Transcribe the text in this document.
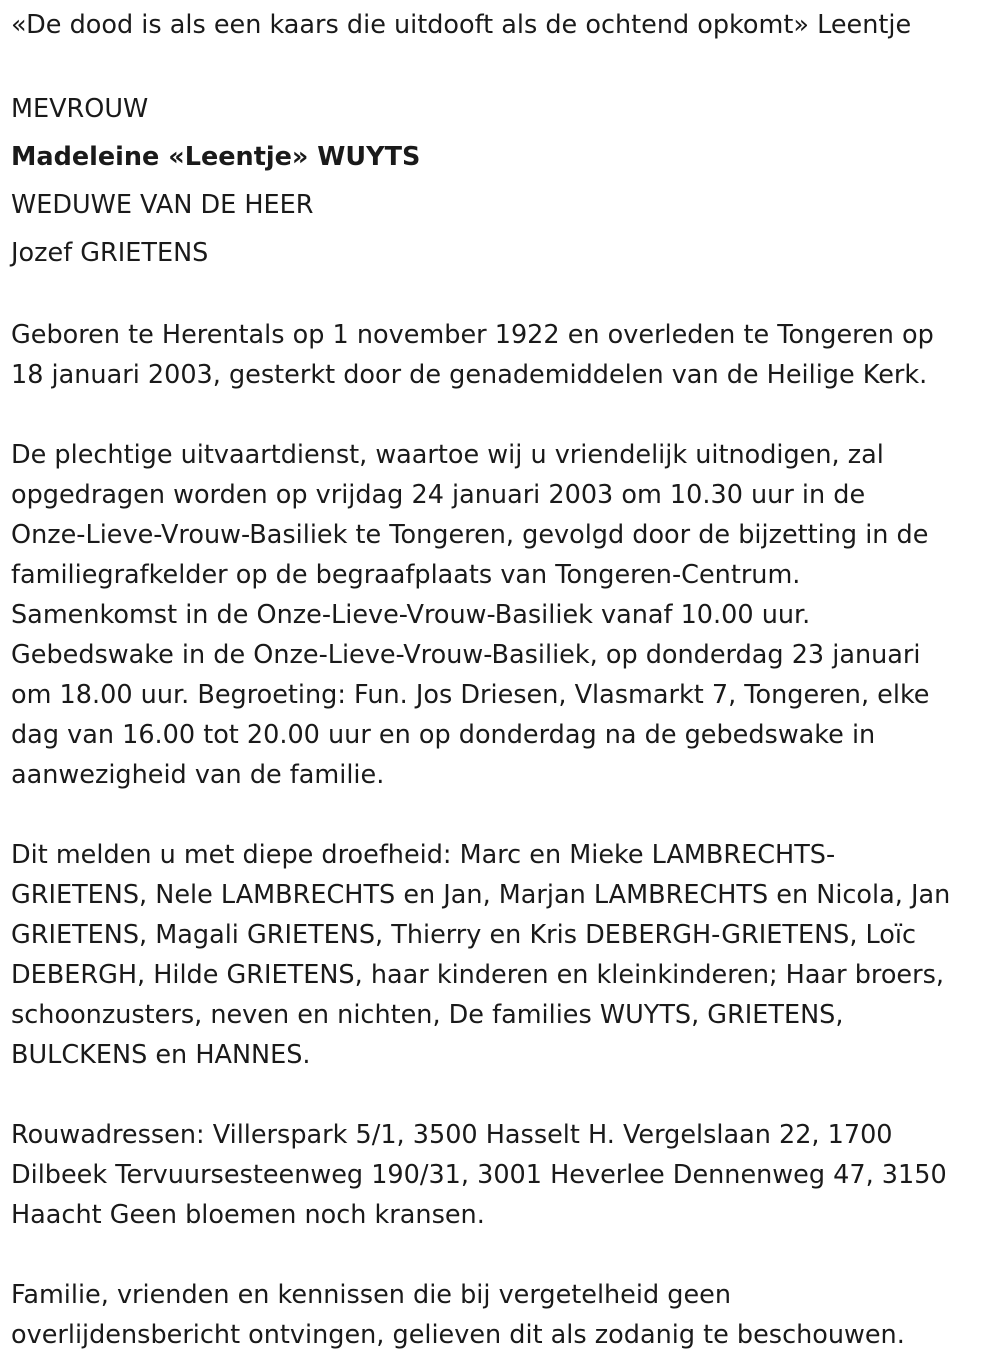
«De dood is als een kaars die uitdooft als de ochtend opkomt» Leentje
MEVROUW
Madeleine «Leentje» WUYTS
WEDUWE VAN DE HEER
Jozef GRIETENS
Geboren te Herentals op 1 november 1922 en overleden te Tongeren op
18 januari 2003, gesterkt door de genademiddelen van de Heilige Kerk.
De plechtige uitvaartdienst, waartoe wij u vriendelijk uitnodigen, zal
opgedragen worden op vrijdag 24 januari 2003 om 10.30 uur in de
Onze-Lieve-Vrouw-Basiliek te Tongeren, gevolgd door de bijzetting in de
familiegrafkelder op de begraafplaats van Tongeren-Centrum.
Samenkomst in de Onze-Lieve-Vrouw-Basiliek vanaf 10.00 uur.
Gebedswake in de Onze-Lieve-Vrouw-Basiliek, op donderdag 23 januari
om 18.00 uur. Begroeting: Fun. Jos Driesen, Vlasmarkt 7, Tongeren, elke
dag van 16.00 tot 20.00 uur en op donderdag na de gebedswake in
aanwezigheid van de familie.
Dit melden u met diepe droefheid: Marc en Mieke LAMBRECHTS-
GRIETENS, Nele LAMBRECHTS en Jan, Marjan LAMBRECHTS en Nicola, Jan
GRIETENS, Magali GRIETENS, Thierry en Kris DEBERGH-GRIETENS, Loïc
DEBERGH, Hilde GRIETENS, haar kinderen en kleinkinderen; Haar broers,
schoonzusters, neven en nichten, De families WUYTS, GRIETENS,
BULCKENS en HANNES.
Rouwadressen: Villerspark 5/1, 3500 Hasselt H. Vergelslaan 22, 1700
Dilbeek Tervuursesteenweg 190/31, 3001 Heverlee Dennenweg 47, 3150
Haacht Geen bloemen noch kransen.
Familie, vrienden en kennissen die bij vergetelheid geen
overlijdensbericht ontvingen, gelieven dit als zodanig te beschouwen.
